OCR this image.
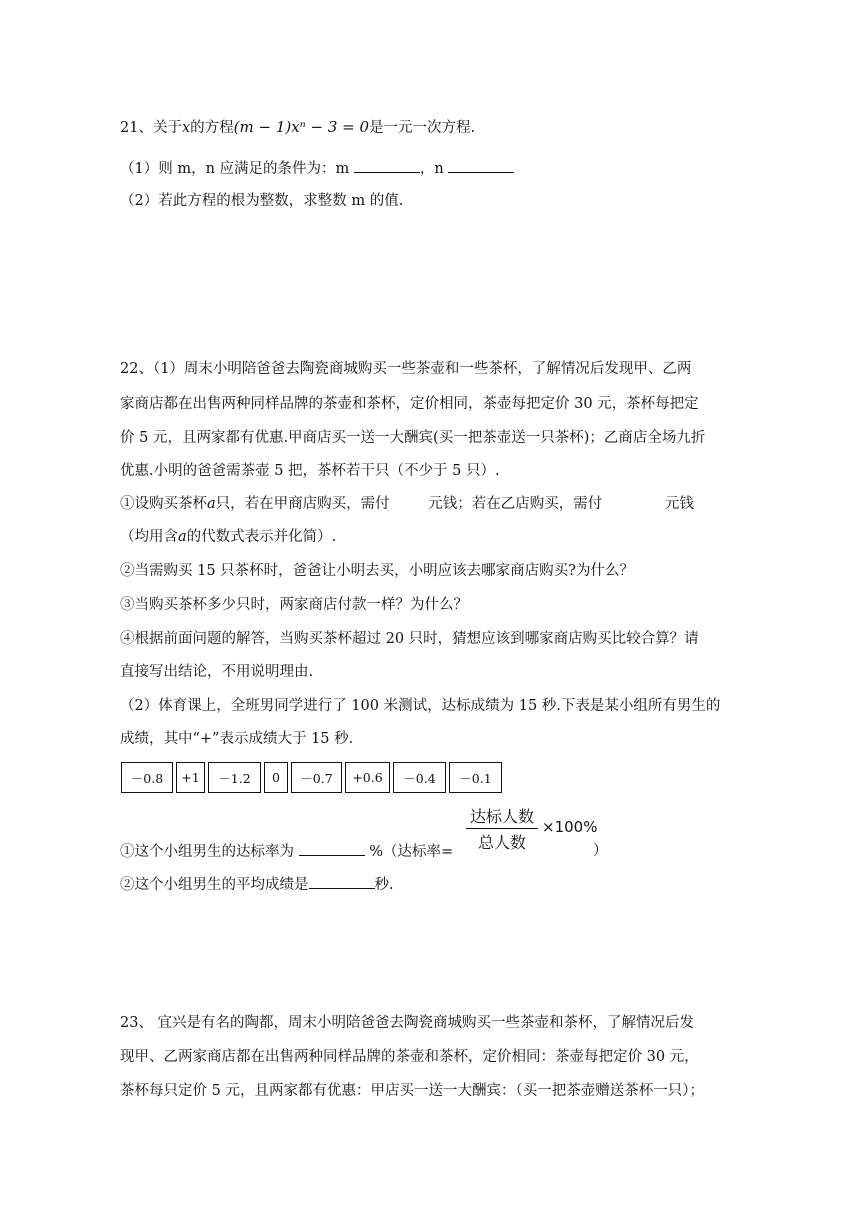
21、关于x的方程(m − 1)xⁿ − 3 = 0是一元一次方程.
（1）则 m，n 应满足的条件为：m	，n
（2）若此方程的根为整数，求整数 m 的值.
22、（1）周末小明陪爸爸去陶瓷商城购买一些茶壶和一些茶杯，了解情况后发现甲、乙两
家商店都在出售两种同样品牌的茶壶和茶杯，定价相同，茶壶每把定价 30 元，茶杯每把定
价 5 元，且两家都有优惠.甲商店买一送一大酬宾(买一把茶壶送一只茶杯)；乙商店全场九折
优惠.小明的爸爸需茶壶 5 把，茶杯若干只（不少于 5 只）.
①设购买茶杯a只，若在甲商店购买，需付	元钱；若在乙店购买，需付	元钱
（均用含a的代数式表示并化简）.
②当需购买 15 只茶杯时，爸爸让小明去买，小明应该去哪家商店购买?为什么？
③当购买茶杯多少只时，两家商店付款一样？为什么？
④根据前面问题的解答，当购买茶杯超过 20 只时，猜想应该到哪家商店购买比较合算？请
直接写出结论，不用说明理由.
（2）体育课上，全班男同学进行了 100 米测试，达标成绩为 15 秒.下表是某小组所有男生的
成绩，其中“+”表示成绩大于 15 秒.
－0.8	+1	－1.2	0	－0.7	+0.6	－0.4	－0.1
达标人数
总人数
×100%
①这个小组男生的达标率为	%（达标率=	）
②这个小组男生的平均成绩是	秒.
23、 宜兴是有名的陶都，周末小明陪爸爸去陶瓷商城购买一些茶壶和茶杯，了解情况后发
现甲、乙两家商店都在出售两种同样品牌的茶壶和茶杯，定价相同：茶壶每把定价 30 元，
茶杯每只定价 5 元，且两家都有优惠：甲店买一送一大酬宾：（买一把茶壶赠送茶杯一只）；
